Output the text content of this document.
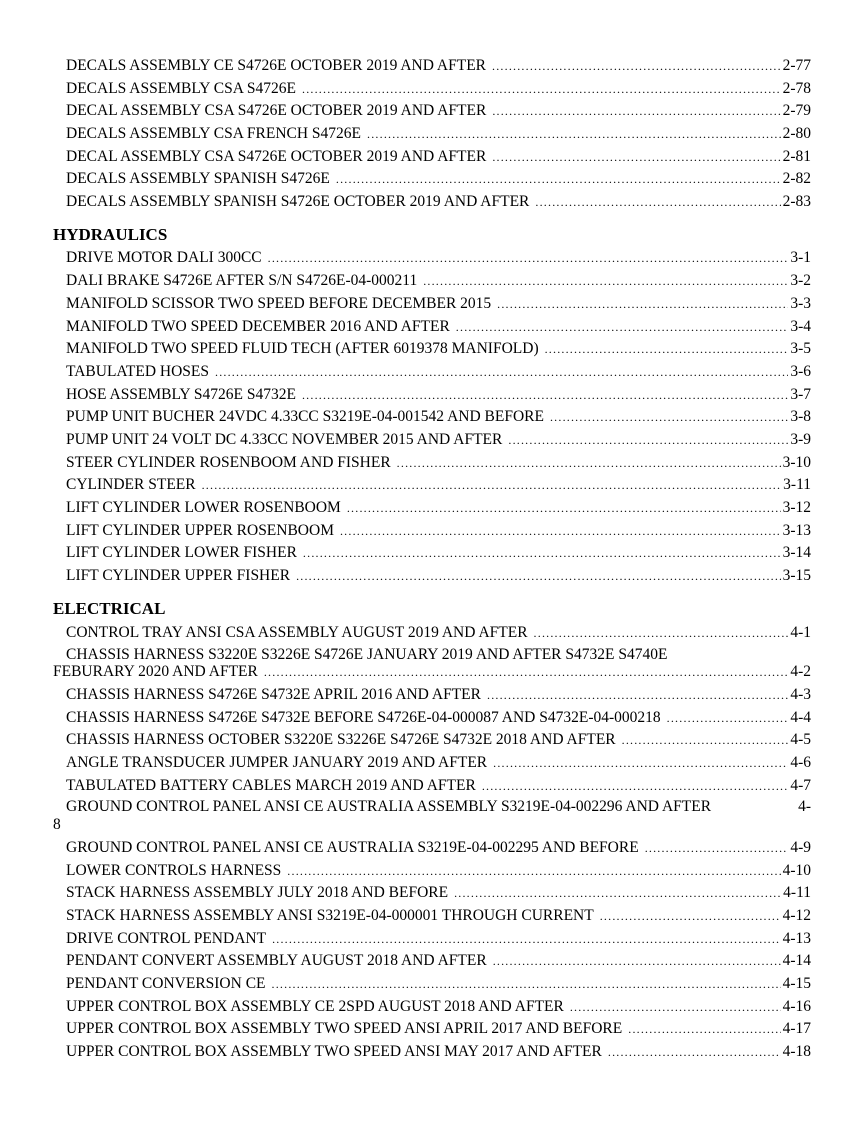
DECALS ASSEMBLY CE S4726E OCTOBER 2019 AND AFTER .....	2-77
DECALS ASSEMBLY CSA S4726E .....	2-78
DECAL ASSEMBLY CSA S4726E OCTOBER 2019 AND AFTER .....	2-79
DECALS ASSEMBLY CSA FRENCH S4726E .....	2-80
DECAL ASSEMBLY CSA S4726E OCTOBER 2019 AND AFTER .....	2-81
DECALS ASSEMBLY SPANISH S4726E .....	2-82
DECALS ASSEMBLY SPANISH S4726E OCTOBER 2019 AND AFTER .....	2-83
HYDRAULICS
DRIVE MOTOR DALI 300CC .....	3-1
DALI BRAKE S4726E AFTER S/N S4726E-04-000211 .....	3-2
MANIFOLD SCISSOR TWO SPEED BEFORE DECEMBER 2015 .....	3-3
MANIFOLD TWO SPEED DECEMBER 2016 AND AFTER .....	3-4
MANIFOLD TWO SPEED FLUID TECH (AFTER 6019378 MANIFOLD) .....	3-5
TABULATED HOSES .....	3-6
HOSE ASSEMBLY S4726E S4732E .....	3-7
PUMP UNIT BUCHER 24VDC 4.33CC S3219E-04-001542 AND BEFORE .....	3-8
PUMP UNIT 24 VOLT DC 4.33CC NOVEMBER 2015 AND AFTER .....	3-9
STEER CYLINDER ROSENBOOM AND FISHER .....	3-10
CYLINDER STEER .....	3-11
LIFT CYLINDER LOWER ROSENBOOM .....	3-12
LIFT CYLINDER UPPER ROSENBOOM .....	3-13
LIFT CYLINDER LOWER FISHER .....	3-14
LIFT CYLINDER UPPER FISHER .....	3-15
ELECTRICAL
CONTROL TRAY ANSI CSA ASSEMBLY AUGUST 2019 AND AFTER .....	4-1
CHASSIS HARNESS S3220E S3226E S4726E JANUARY 2019 AND AFTER S4732E S4740E
FEBURARY 2020 AND AFTER .....	4-2
CHASSIS HARNESS S4726E S4732E APRIL 2016 AND AFTER .....	4-3
CHASSIS HARNESS S4726E S4732E BEFORE S4726E-04-000087 AND S4732E-04-000218 .....	4-4
CHASSIS HARNESS OCTOBER S3220E S3226E S4726E S4732E 2018 AND AFTER .....	4-5
ANGLE TRANSDUCER JUMPER JANUARY 2019 AND AFTER .....	4-6
TABULATED BATTERY CABLES MARCH 2019 AND AFTER .....	4-7
GROUND CONTROL PANEL ANSI CE AUSTRALIA ASSEMBLY S3219E-04-002296 AND AFTER	4-
8
GROUND CONTROL PANEL ANSI CE AUSTRALIA S3219E-04-002295 AND BEFORE .....	4-9
LOWER CONTROLS HARNESS .....	4-10
STACK HARNESS ASSEMBLY JULY 2018 AND BEFORE .....	4-11
STACK HARNESS ASSEMBLY ANSI S3219E-04-000001 THROUGH CURRENT .....	4-12
DRIVE CONTROL PENDANT .....	4-13
PENDANT CONVERT ASSEMBLY AUGUST 2018 AND AFTER .....	4-14
PENDANT CONVERSION CE .....	4-15
UPPER CONTROL BOX ASSEMBLY CE 2SPD AUGUST 2018 AND AFTER .....	4-16
UPPER CONTROL BOX ASSEMBLY TWO SPEED ANSI APRIL 2017 AND BEFORE .....	4-17
UPPER CONTROL BOX ASSEMBLY TWO SPEED ANSI MAY 2017 AND AFTER .....	4-18
